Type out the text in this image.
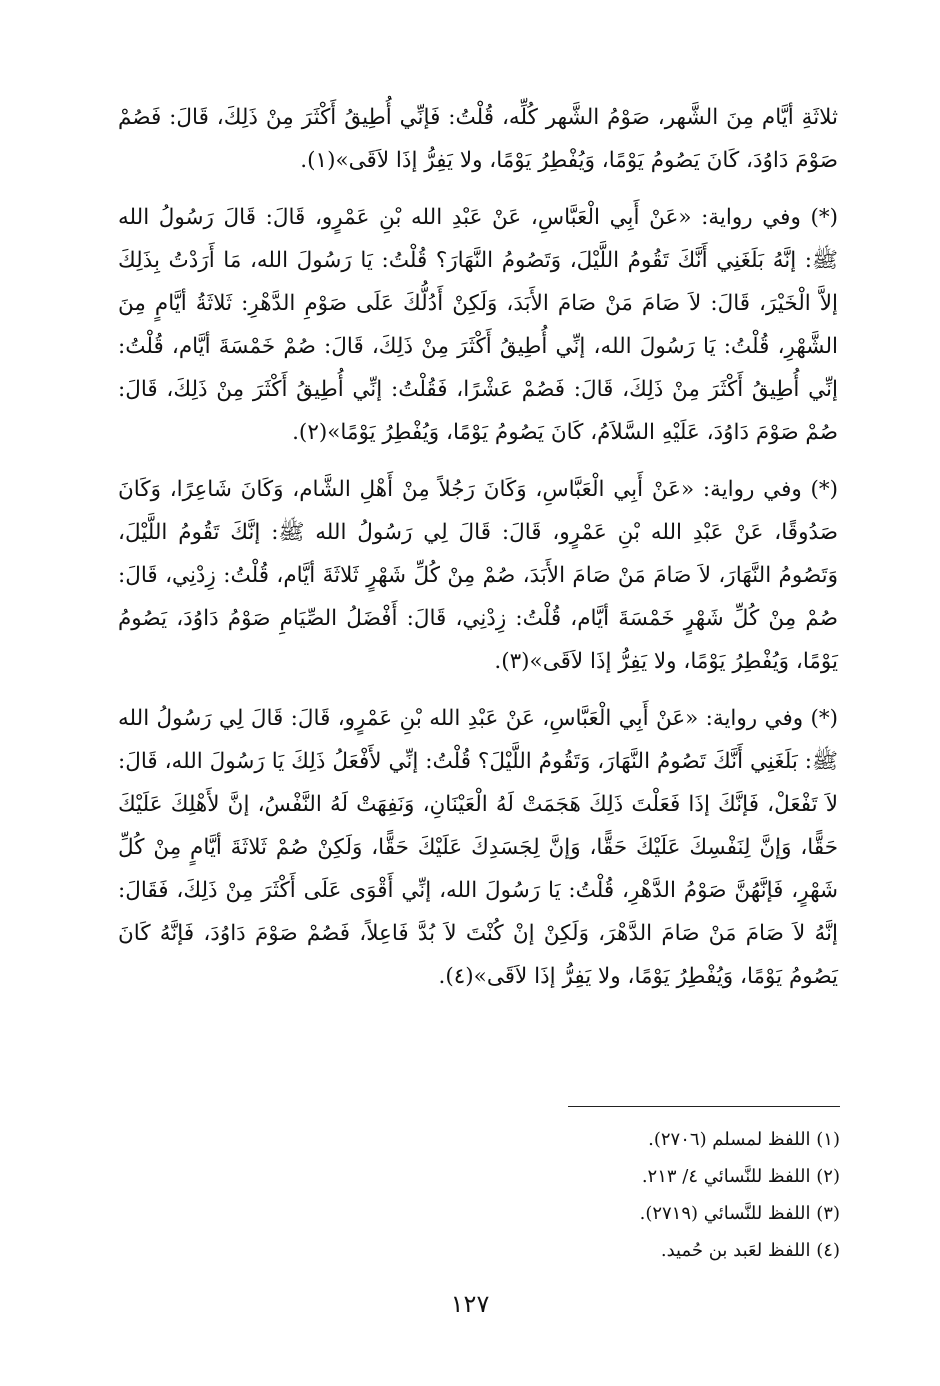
ثلاثَةِ أيَّام مِنَ الشَّهر، صَوْمُ الشَّهر كُلِّه، قُلْتُ: فَإنِّي أُطِيقُ أَكْثَرَ مِنْ ذَلِكَ، قَالَ: فَصُمْ صَوْمَ دَاوُدَ، كَانَ يَصُومُ يَوْمًا، وَيُفْطِرُ يَوْمًا، ولا يَفِرُّ إذَا لاَقَى»(١).

(*) وفي رواية: «عَنْ أَبِي الْعَبَّاسِ، عَنْ عَبْدِ الله بْنِ عَمْرٍو، قَالَ: قَالَ رَسُولُ الله ﷺ: إنَّهُ بَلَغَنِي أَنَّكَ تَقُومُ اللَّيْلَ، وَتَصُومُ النَّهَارَ؟ قُلْتُ: يَا رَسُولَ الله، مَا أَرَدْتُ بِذَلِكَ إلاَّ الْخَيْرَ، قَالَ: لاَ صَامَ مَنْ صَامَ الأَبَدَ، وَلَكِنْ أَدُلُّكَ عَلَى صَوْمِ الدَّهْرِ: ثَلاثَةُ أيَّامٍ مِنَ الشَّهْرِ، قُلْتُ: يَا رَسُولَ الله، إنِّي أُطِيقُ أَكْثَرَ مِنْ ذَلِكَ، قَالَ: صُمْ خَمْسَةَ أيَّام، قُلْتُ: إنِّي أُطِيقُ أَكْثَرَ مِنْ ذَلِكَ، قَالَ: فَصُمْ عَشْرًا، فَقُلْتُ: إنِّي أُطِيقُ أَكْثَرَ مِنْ ذَلِكَ، قَالَ: صُمْ صَوْمَ دَاوُدَ، عَلَيْهِ السَّلاَمُ، كَانَ يَصُومُ يَوْمًا، وَيُفْطِرُ يَوْمًا»(٢).

(*) وفي رواية: «عَنْ أَبِي الْعَبَّاسِ، وَكَانَ رَجُلاً مِنْ أَهْلِ الشَّام، وَكَانَ شَاعِرًا، وَكَانَ صَدُوقًا، عَنْ عَبْدِ الله بْنِ عَمْرٍو، قَالَ: قَالَ لِي رَسُولُ الله ﷺ: إنَّكَ تَقُومُ اللَّيْلَ، وَتَصُومُ النَّهَارَ، لاَ صَامَ مَنْ صَامَ الأَبَدَ، صُمْ مِنْ كُلِّ شَهْرٍ ثَلاثَةَ أيَّام، قُلْتُ: زِدْنِي، قَالَ: صُمْ مِنْ كُلِّ شَهْرٍ خَمْسَةَ أيَّام، قُلْتُ: زِدْنِي، قَالَ: أَفْضَلُ الصِّيَامِ صَوْمُ دَاوُدَ، يَصُومُ يَوْمًا، وَيُفْطِرُ يَوْمًا، ولا يَفِرُّ إذَا لاَقَى»(٣).

(*) وفي رواية: «عَنْ أَبِي الْعَبَّاسِ، عَنْ عَبْدِ الله بْنِ عَمْرٍو، قَالَ: قَالَ لِي رَسُولُ الله ﷺ: بَلَغَنِي أَنَّكَ تَصُومُ النَّهَارَ، وَتَقُومُ اللَّيْلَ؟ قُلْتُ: إنِّي لأَفْعَلُ ذَلِكَ يَا رَسُولَ الله، قَالَ: لاَ تَفْعَلْ، فَإنَّكَ إذَا فَعَلْتَ ذَلِكَ هَجَمَتْ لَهُ الْعَيْنَانِ، وَنَفِهَتْ لَهُ النَّفْسُ، إنَّ لأَهْلِكَ عَلَيْكَ حَقًّا، وَإنَّ لِنَفْسِكَ عَلَيْكَ حَقًّا، وَإنَّ لِجَسَدِكَ عَلَيْكَ حَقًّا، وَلَكِنْ صُمْ ثَلاثَةَ أيَّامٍ مِنْ كُلِّ شَهْرٍ، فَإنَّهُنَّ صَوْمُ الدَّهْرِ، قُلْتُ: يَا رَسُولَ الله، إنِّي أَقْوَى عَلَى أَكْثَرَ مِنْ ذَلِكَ، فَقَالَ: إنَّهُ لاَ صَامَ مَنْ صَامَ الدَّهْرَ، وَلَكِنْ إنْ كُنْتَ لاَ بُدَّ فَاعِلاً، فَصُمْ صَوْمَ دَاوُدَ، فَإنَّهُ كَانَ يَصُومُ يَوْمًا، وَيُفْطِرُ يَوْمًا، ولا يَفِرُّ إذَا لاَقَى»(٤).

(١) اللفظ لمسلم (٢٧٠٦).

(٢) اللفظ للنَّسائي ٤/ ٢١٣.

(٣) اللفظ للنَّسائي (٢٧١٩).

(٤) اللفظ لعَبد بن حُميد.

١٢٧
